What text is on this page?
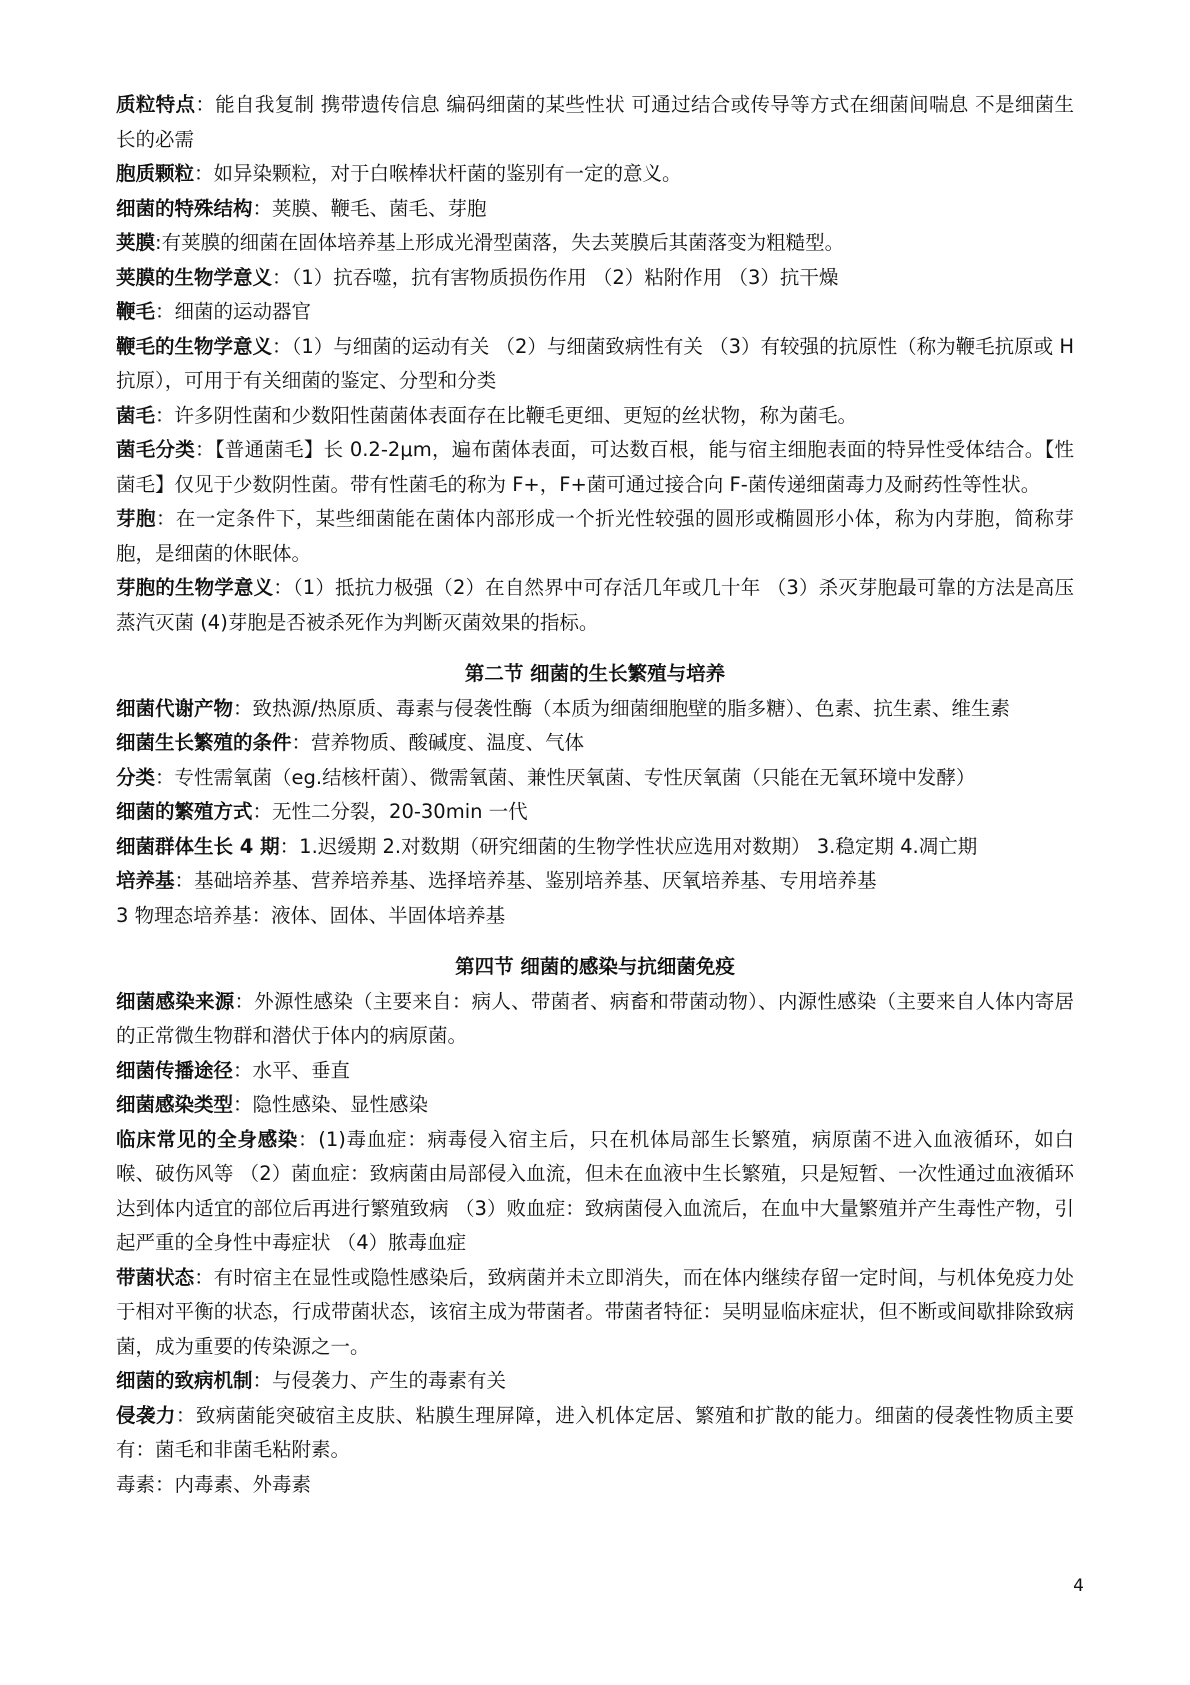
质粒特点：能自我复制 携带遗传信息 编码细菌的某些性状 可通过结合或传导等方式在细菌间喘息 不是细菌生长的必需
胞质颗粒：如异染颗粒，对于白喉棒状杆菌的鉴别有一定的意义。
细菌的特殊结构：荚膜、鞭毛、菌毛、芽胞
荚膜:有荚膜的细菌在固体培养基上形成光滑型菌落，失去荚膜后其菌落变为粗糙型。
荚膜的生物学意义：（1）抗吞噬，抗有害物质损伤作用 （2）粘附作用 （3）抗干燥
鞭毛：细菌的运动器官
鞭毛的生物学意义：（1）与细菌的运动有关 （2）与细菌致病性有关 （3）有较强的抗原性（称为鞭毛抗原或 H 抗原），可用于有关细菌的鉴定、分型和分类
菌毛：许多阴性菌和少数阳性菌菌体表面存在比鞭毛更细、更短的丝状物，称为菌毛。
菌毛分类：【普通菌毛】长 0.2-2μm，遍布菌体表面，可达数百根，能与宿主细胞表面的特异性受体结合。【性菌毛】仅见于少数阴性菌。带有性菌毛的称为 F+，F+菌可通过接合向 F-菌传递细菌毒力及耐药性等性状。
芽胞：在一定条件下，某些细菌能在菌体内部形成一个折光性较强的圆形或椭圆形小体，称为内芽胞，简称芽胞，是细菌的休眠体。
芽胞的生物学意义：（1）抵抗力极强（2）在自然界中可存活几年或几十年 （3）杀灭芽胞最可靠的方法是高压蒸汽灭菌 (4)芽胞是否被杀死作为判断灭菌效果的指标。
第二节 细菌的生长繁殖与培养
细菌代谢产物：致热源/热原质、毒素与侵袭性酶（本质为细菌细胞壁的脂多糖）、色素、抗生素、维生素
细菌生长繁殖的条件：营养物质、酸碱度、温度、气体
分类：专性需氧菌（eg.结核杆菌）、微需氧菌、兼性厌氧菌、专性厌氧菌（只能在无氧环境中发酵）
细菌的繁殖方式：无性二分裂，20-30min 一代
细菌群体生长 4 期：1.迟缓期 2.对数期（研究细菌的生物学性状应选用对数期） 3.稳定期 4.凋亡期
培养基：基础培养基、营养培养基、选择培养基、鉴别培养基、厌氧培养基、专用培养基
3 物理态培养基：液体、固体、半固体培养基
第四节 细菌的感染与抗细菌免疫
细菌感染来源：外源性感染（主要来自：病人、带菌者、病畜和带菌动物）、内源性感染（主要来自人体内寄居的正常微生物群和潜伏于体内的病原菌。
细菌传播途径：水平、垂直
细菌感染类型：隐性感染、显性感染
临床常见的全身感染：(1)毒血症：病毒侵入宿主后，只在机体局部生长繁殖，病原菌不进入血液循环，如白喉、破伤风等 （2）菌血症：致病菌由局部侵入血流，但未在血液中生长繁殖，只是短暂、一次性通过血液循环达到体内适宜的部位后再进行繁殖致病 （3）败血症：致病菌侵入血流后，在血中大量繁殖并产生毒性产物，引起严重的全身性中毒症状 （4）脓毒血症
带菌状态：有时宿主在显性或隐性感染后，致病菌并未立即消失，而在体内继续存留一定时间，与机体免疫力处于相对平衡的状态，行成带菌状态，该宿主成为带菌者。带菌者特征：吴明显临床症状，但不断或间歇排除致病菌，成为重要的传染源之一。
细菌的致病机制：与侵袭力、产生的毒素有关
侵袭力：致病菌能突破宿主皮肤、粘膜生理屏障，进入机体定居、繁殖和扩散的能力。细菌的侵袭性物质主要有：菌毛和非菌毛粘附素。
毒素：内毒素、外毒素
4
